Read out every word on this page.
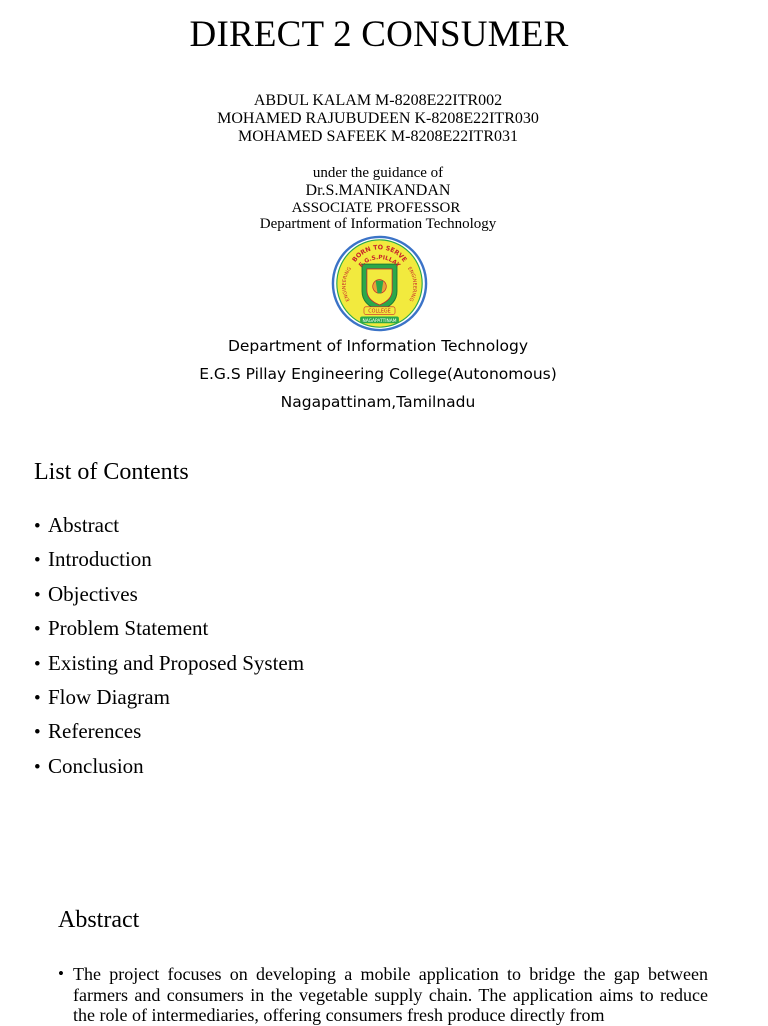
DIRECT 2 CONSUMER
ABDUL KALAM M-8208E22ITR002
MOHAMED RAJUBUDEEN K-8208E22ITR030
MOHAMED SAFEEK M-8208E22ITR031
under the guidance of
Dr.S.MANIKANDAN
ASSOCIATE PROFESSOR
Department of Information Technology
BORN TO SERVE
E.G.S.PILLAY
ENGINEERING	ENGINEERING
COLLEGE
NAGAPATTINAM
Department of Information Technology
E.G.S Pillay Engineering College(Autonomous)
Nagapattinam,Tamilnadu
List of Contents
• Abstract
• Introduction
• Objectives
• Problem Statement
• Existing and Proposed System
• Flow Diagram
• References
• Conclusion
Abstract
• The project focuses on developing a mobile application to bridge the gap between farmers and consumers in the vegetable supply chain. The application aims to reduce the role of intermediaries, offering consumers fresh produce directly from
